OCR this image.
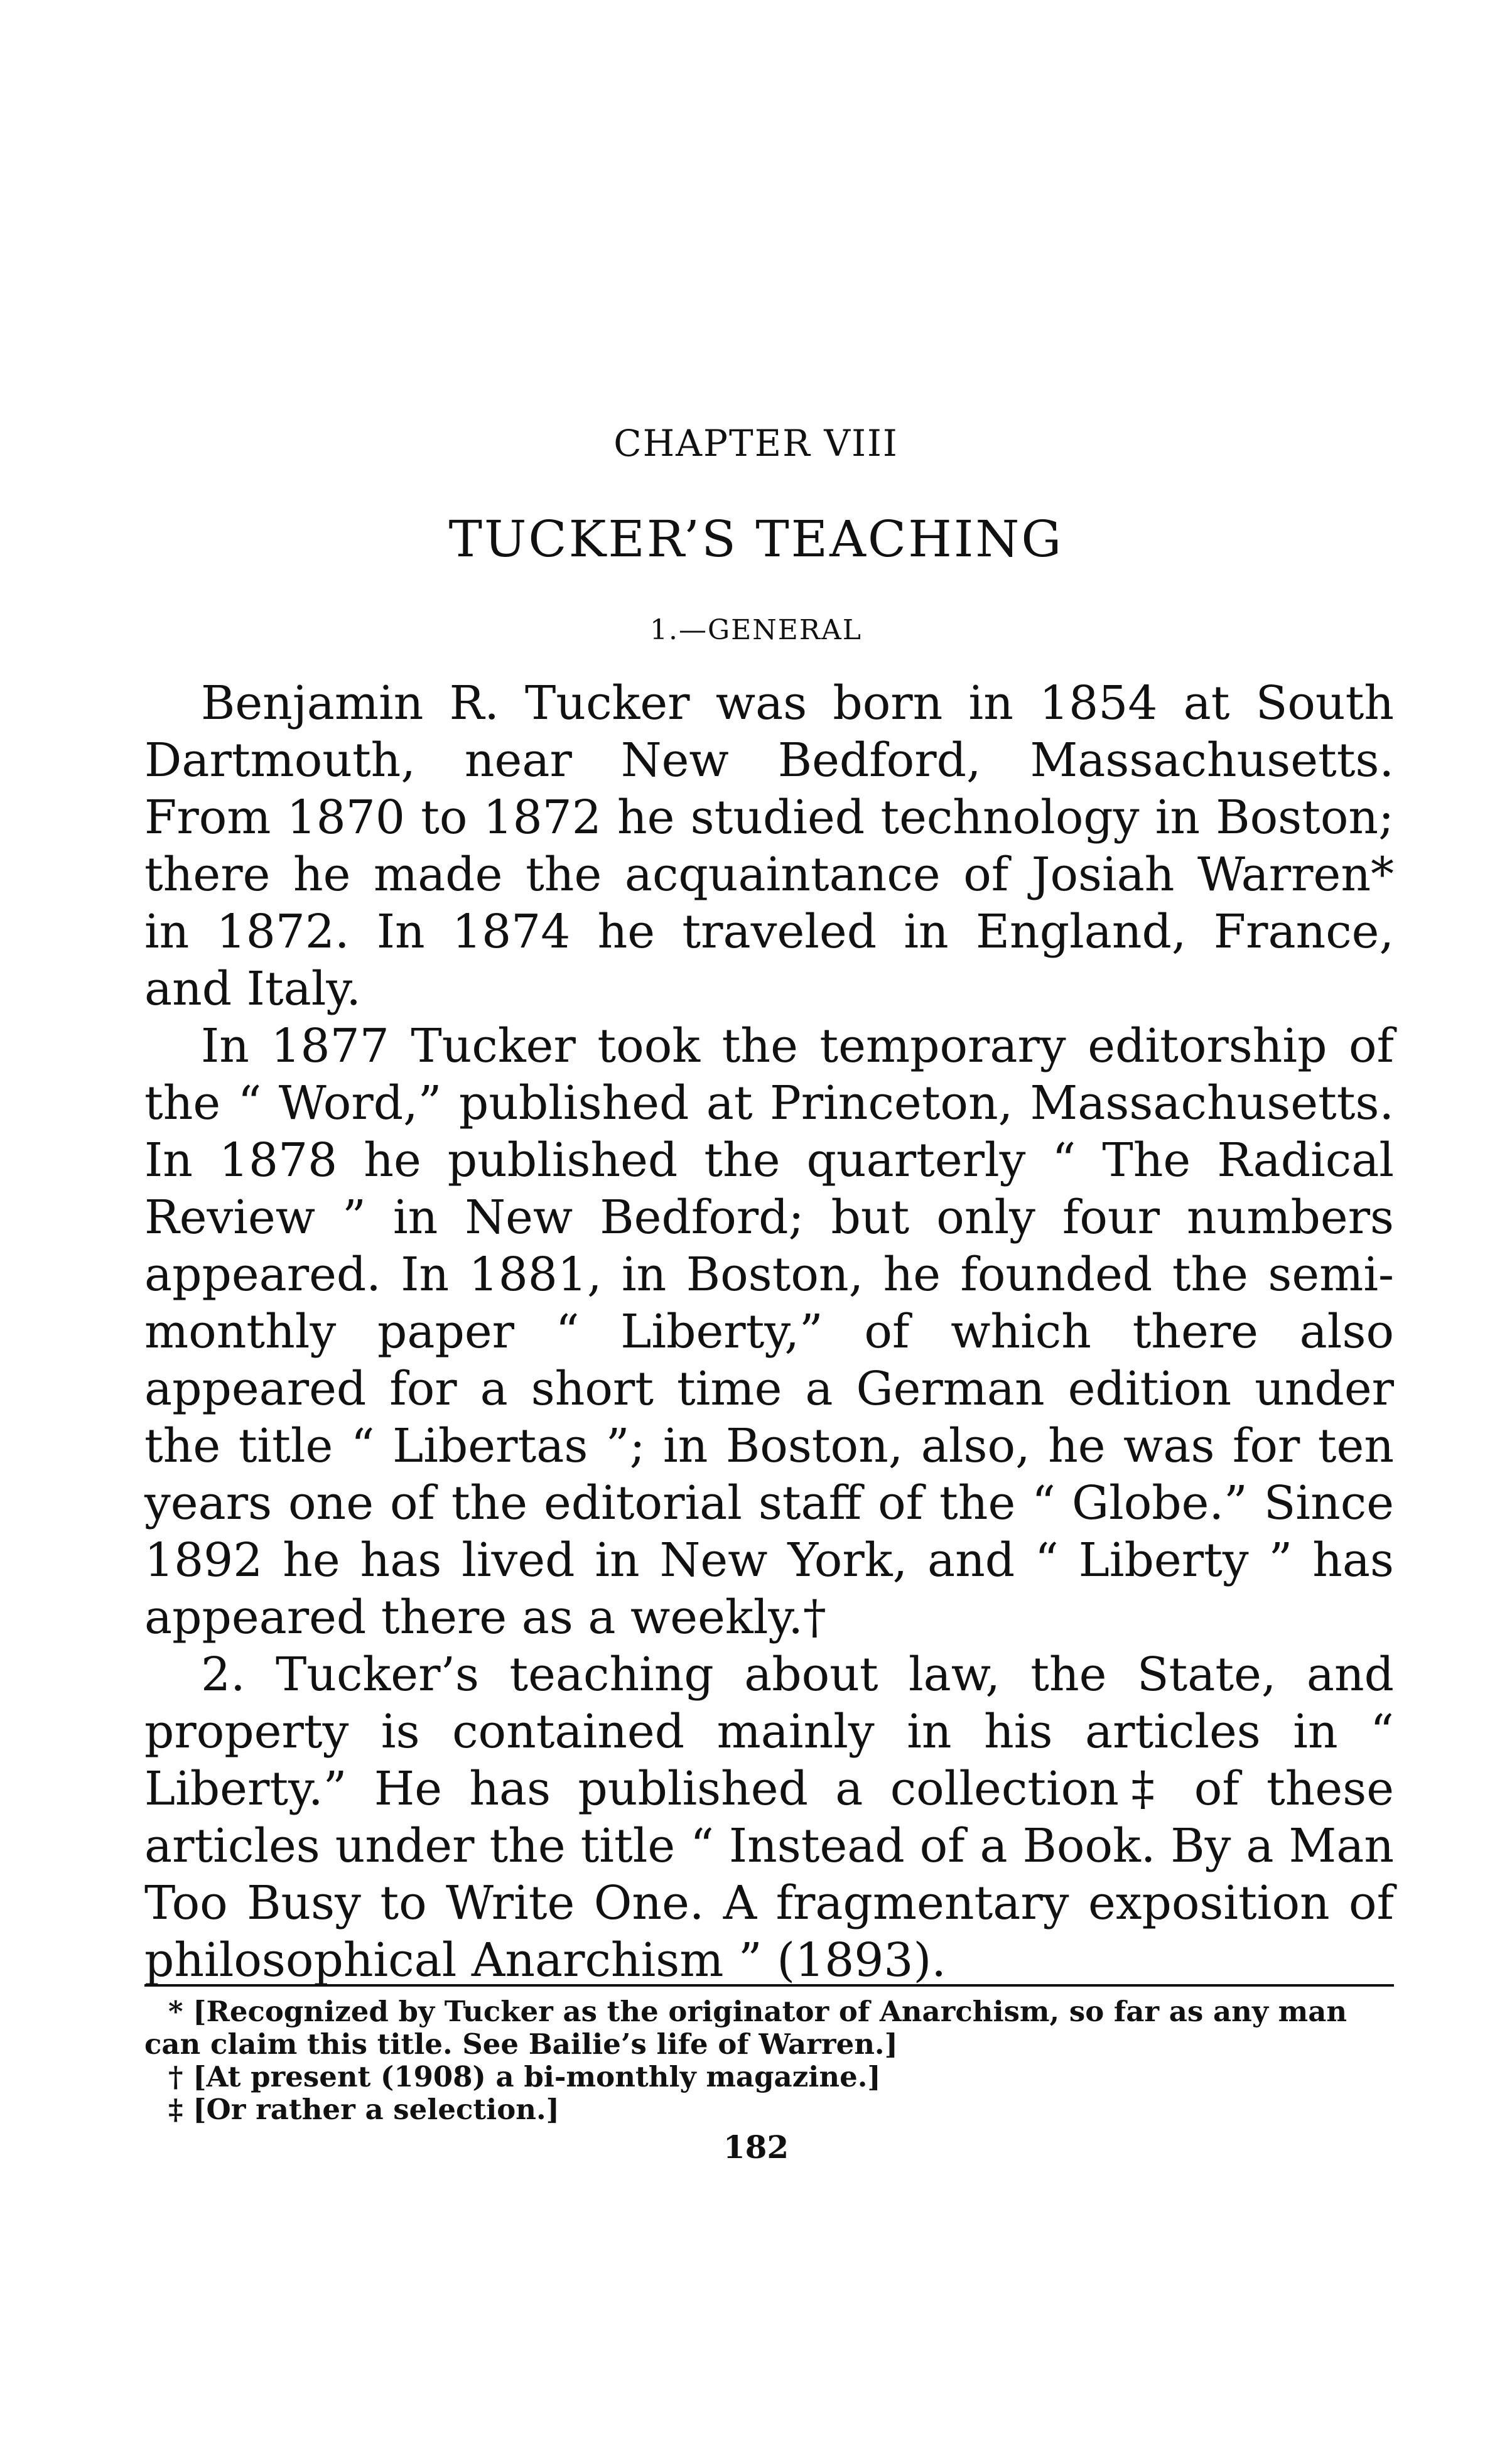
CHAPTER VIII
TUCKER’S TEACHING
1.—GENERAL

Benjamin R. Tucker was born in 1854 at South Dartmouth, near New Bedford, Massachusetts. From 1870 to 1872 he studied technology in Boston; there he made the acquaintance of Josiah Warren* in 1872. In 1874 he traveled in England, France, and Italy.

In 1877 Tucker took the temporary editorship of the “ Word,” published at Princeton, Massachusetts. In 1878 he published the quarterly “ The Radical Review ” in New Bedford; but only four numbers appeared. In 1881, in Boston, he founded the semi-monthly paper “ Liberty,” of which there also appeared for a short time a German edition under the title “ Libertas ”; in Boston, also, he was for ten years one of the editorial staff of the “ Globe.” Since 1892 he has lived in New York, and “ Liberty ” has appeared there as a weekly.†

2. Tucker’s teaching about law, the State, and property is contained mainly in his articles in “ Liberty.” He has published a collection‡ of these articles under the title “ Instead of a Book. By a Man Too Busy to Write One. A fragmentary exposition of philosophical Anarchism ” (1893).

* [Recognized by Tucker as the originator of Anarchism, so far as any man can claim this title. See Bailie’s life of Warren.]

† [At present (1908) a bi-monthly magazine.]

‡ [Or rather a selection.]

182
